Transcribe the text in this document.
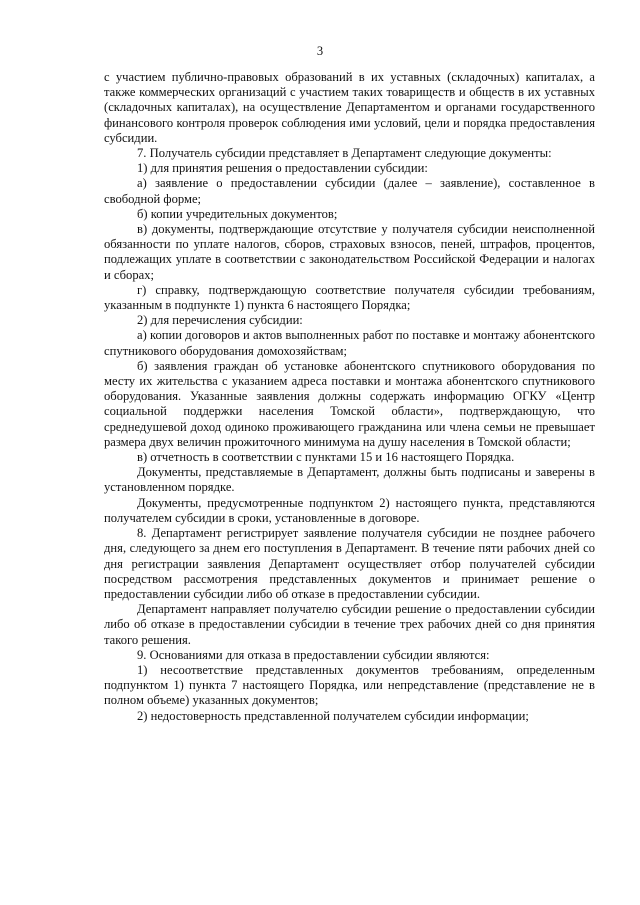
3

с участием публично-правовых образований в их уставных (складочных) капиталах, а также коммерческих организаций с участием таких товариществ и обществ в их уставных (складочных капиталах), на осуществление Департаментом и органами государственного финансового контроля проверок соблюдения ими условий, цели и порядка предоставления субсидии.

7. Получатель субсидии представляет в Департамент следующие документы:

1) для принятия решения о предоставлении субсидии:

а) заявление о предоставлении субсидии (далее – заявление), составленное в свободной форме;

б) копии учредительных документов;

в) документы, подтверждающие отсутствие у получателя субсидии неисполненной обязанности по уплате налогов, сборов, страховых взносов, пеней, штрафов, процентов, подлежащих уплате в соответствии с законодательством Российской Федерации и налогах и сборах;

г) справку, подтверждающую соответствие получателя субсидии требованиям, указанным в подпункте 1) пункта 6 настоящего Порядка;

2) для перечисления субсидии:

а) копии договоров и актов выполненных работ по поставке и монтажу абонентского спутникового оборудования домохозяйствам;

б) заявления граждан об установке абонентского спутникового оборудования по месту их жительства с указанием адреса поставки и монтажа абонентского спутникового оборудования. Указанные заявления должны содержать информацию ОГКУ «Центр социальной поддержки населения Томской области», подтверждающую, что среднедушевой доход одиноко проживающего гражданина или члена семьи не превышает размера двух величин прожиточного минимума на душу населения в Томской области;

в) отчетность в соответствии с пунктами 15 и 16 настоящего Порядка.

Документы, представляемые в Департамент, должны быть подписаны и заверены в установленном порядке.

Документы, предусмотренные подпунктом 2) настоящего пункта, представляются получателем субсидии в сроки, установленные в договоре.

8. Департамент регистрирует заявление получателя субсидии не позднее рабочего дня, следующего за днем его поступления в Департамент. В течение пяти рабочих дней со дня регистрации заявления Департамент осуществляет отбор получателей субсидии посредством рассмотрения представленных документов и принимает решение о предоставлении субсидии либо об отказе в предоставлении субсидии.

Департамент направляет получателю субсидии решение о предоставлении субсидии либо об отказе в предоставлении субсидии в течение трех рабочих дней со дня принятия такого решения.

9. Основаниями для отказа в предоставлении субсидии являются:

1) несоответствие представленных документов требованиям, определенным подпунктом 1) пункта 7 настоящего Порядка, или непредставление (представление не в полном объеме) указанных документов;

2) недостоверность представленной получателем субсидии информации;
